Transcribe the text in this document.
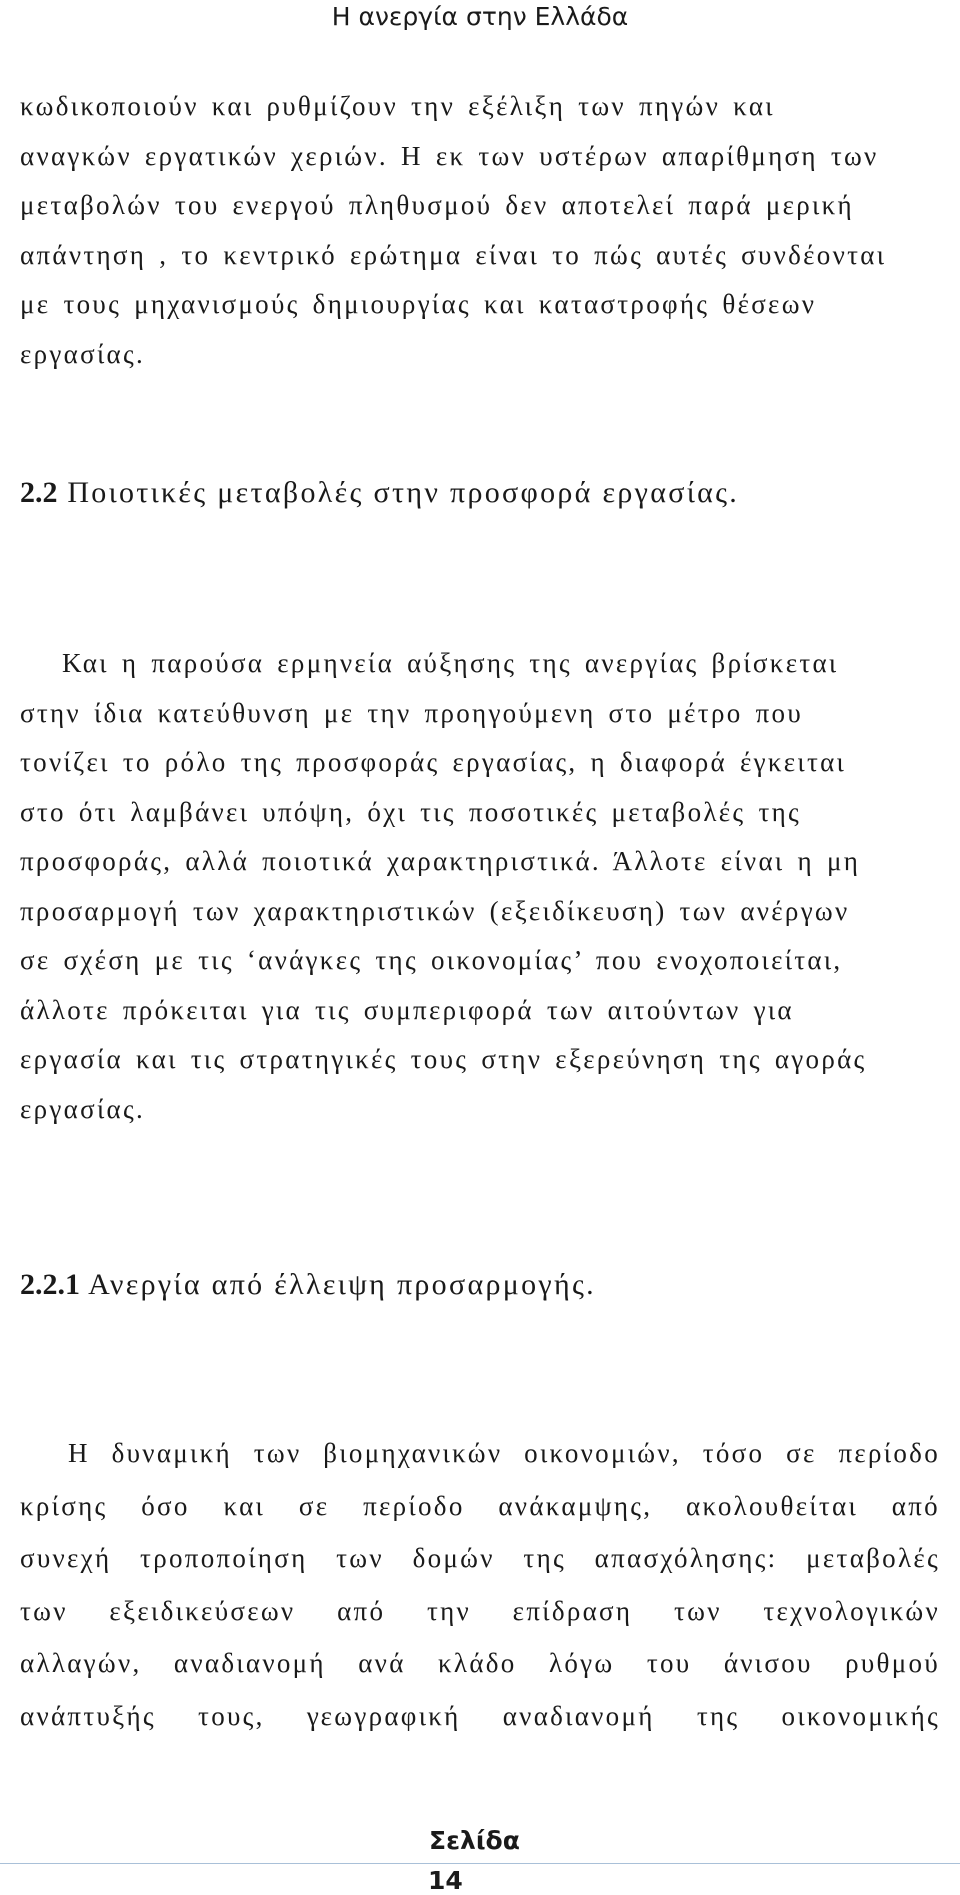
Η ανεργία στην Ελλάδα
κωδικοποιούν και ρυθμίζουν την εξέλιξη των πηγών και
αναγκών εργατικών χεριών. Η εκ των υστέρων απαρίθμηση των
μεταβολών του ενεργού πληθυσμού δεν αποτελεί παρά μερική
απάντηση , το κεντρικό ερώτημα είναι το πώς αυτές συνδέονται
με τους μηχανισμούς δημιουργίας και καταστροφής θέσεων
εργασίας.
2.2 Ποιοτικές μεταβολές στην προσφορά εργασίας.
Και η παρούσα ερμηνεία αύξησης της ανεργίας βρίσκεται
στην ίδια κατεύθυνση με την προηγούμενη στο μέτρο που
τονίζει το ρόλο της προσφοράς εργασίας, η διαφορά έγκειται
στο ότι λαμβάνει υπόψη, όχι τις ποσοτικές μεταβολές της
προσφοράς, αλλά ποιοτικά χαρακτηριστικά. Άλλοτε είναι η μη
προσαρμογή των χαρακτηριστικών (εξειδίκευση) των ανέργων
σε σχέση με τις ‘ανάγκες της οικονομίας’ που ενοχοποιείται,
άλλοτε πρόκειται για τις συμπεριφορά των αιτούντων για
εργασία και τις στρατηγικές τους στην εξερεύνηση της αγοράς
εργασίας.
2.2.1 Ανεργία από έλλειψη προσαρμογής.
Η δυναμική των βιομηχανικών οικονομιών, τόσο σε περίοδο
κρίσης όσο και σε περίοδο ανάκαμψης, ακολουθείται από
συνεχή τροποποίηση των δομών της απασχόλησης: μεταβολές
των εξειδικεύσεων από την επίδραση των τεχνολογικών
αλλαγών, αναδιανομή ανά κλάδο λόγω του άνισου ρυθμού
ανάπτυξής τους, γεωγραφική αναδιανομή της οικονομικής
Σελίδα
14
